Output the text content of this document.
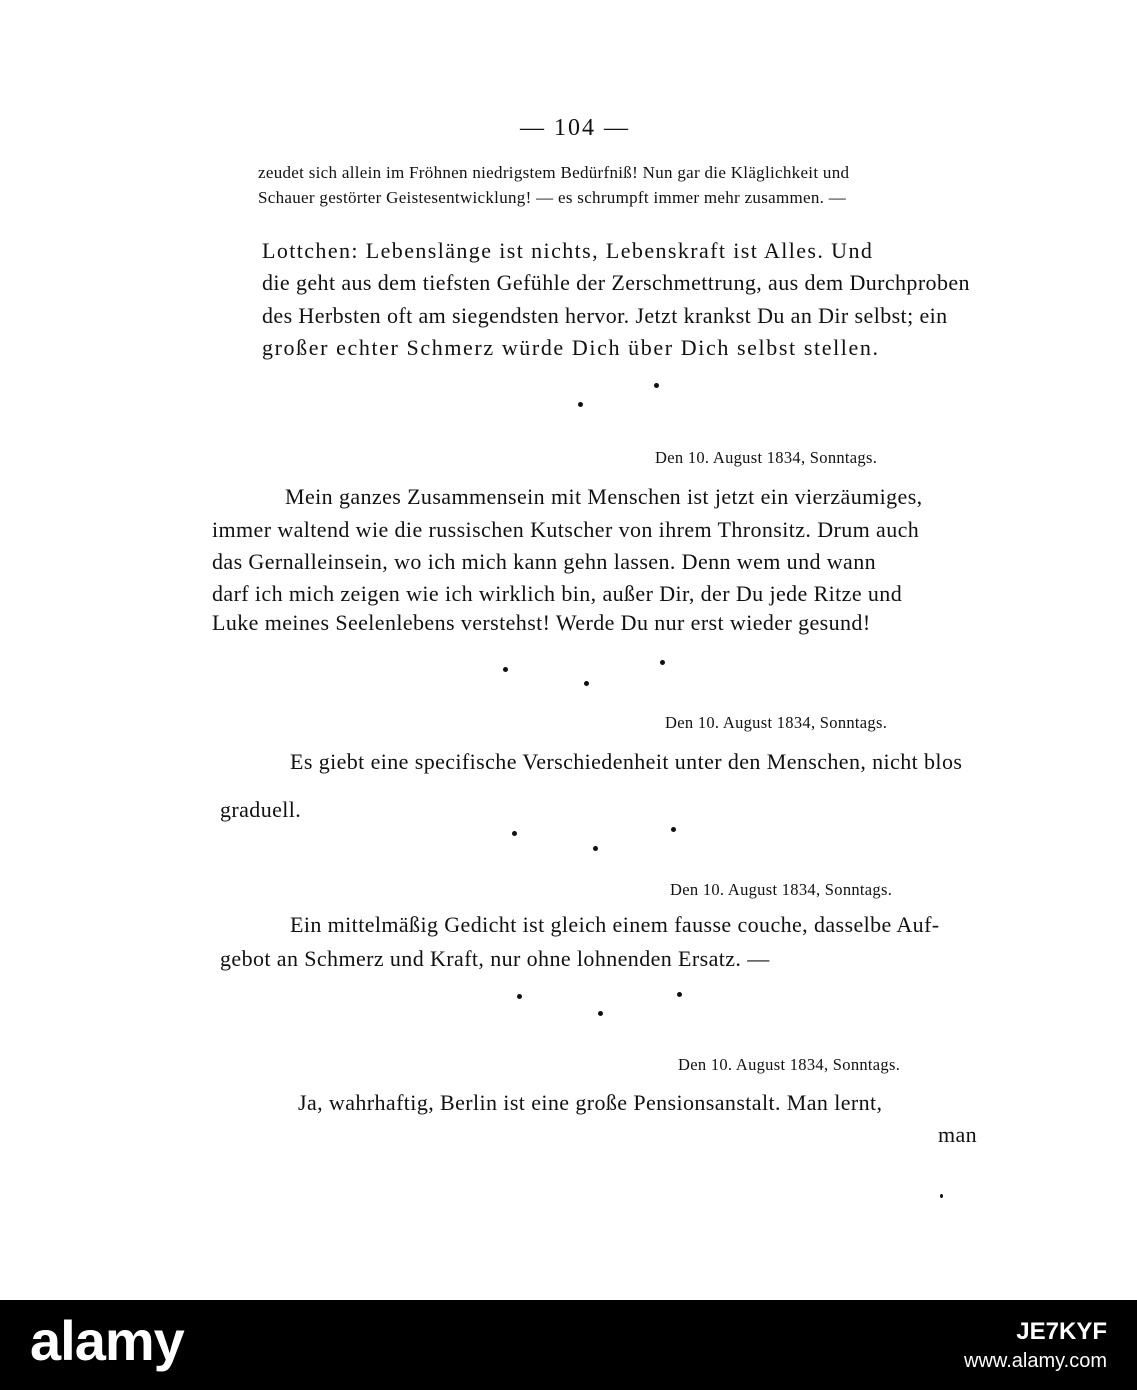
— 104 —
zeudet sich allein im Fröhnen niedrigstem Bedürfniß! Nun gar die Kläglichkeit und
Schauer gestörter Geistesentwicklung! — es schrumpft immer mehr zusammen. —
Lottchen: Lebenslänge ist nichts, Lebenskraft ist Alles. Und
die geht aus dem tiefsten Gefühle der Zerschmettrung, aus dem Durchproben
des Herbsten oft am siegendsten hervor. Jetzt krankst Du an Dir selbst; ein
großer echter Schmerz würde Dich über Dich selbst stellen.
Den 10. August 1834, Sonntags.
Mein ganzes Zusammensein mit Menschen ist jetzt ein vierzäumiges,
immer waltend wie die russischen Kutscher von ihrem Thronsitz. Drum auch
das Gernalleinsein, wo ich mich kann gehn lassen. Denn wem und wann
darf ich mich zeigen wie ich wirklich bin, außer Dir, der Du jede Ritze und
Luke meines Seelenlebens verstehst! Werde Du nur erst wieder gesund!
Den 10. August 1834, Sonntags.
Es giebt eine specifische Verschiedenheit unter den Menschen, nicht blos
graduell.
Den 10. August 1834, Sonntags.
Ein mittelmäßig Gedicht ist gleich einem fausse couche, dasselbe Auf-
gebot an Schmerz und Kraft, nur ohne lohnenden Ersatz. —
Den 10. August 1834, Sonntags.
Ja, wahrhaftig, Berlin ist eine große Pensionsanstalt. Man lernt,
man
alamy	JE7KYF
www.alamy.com
